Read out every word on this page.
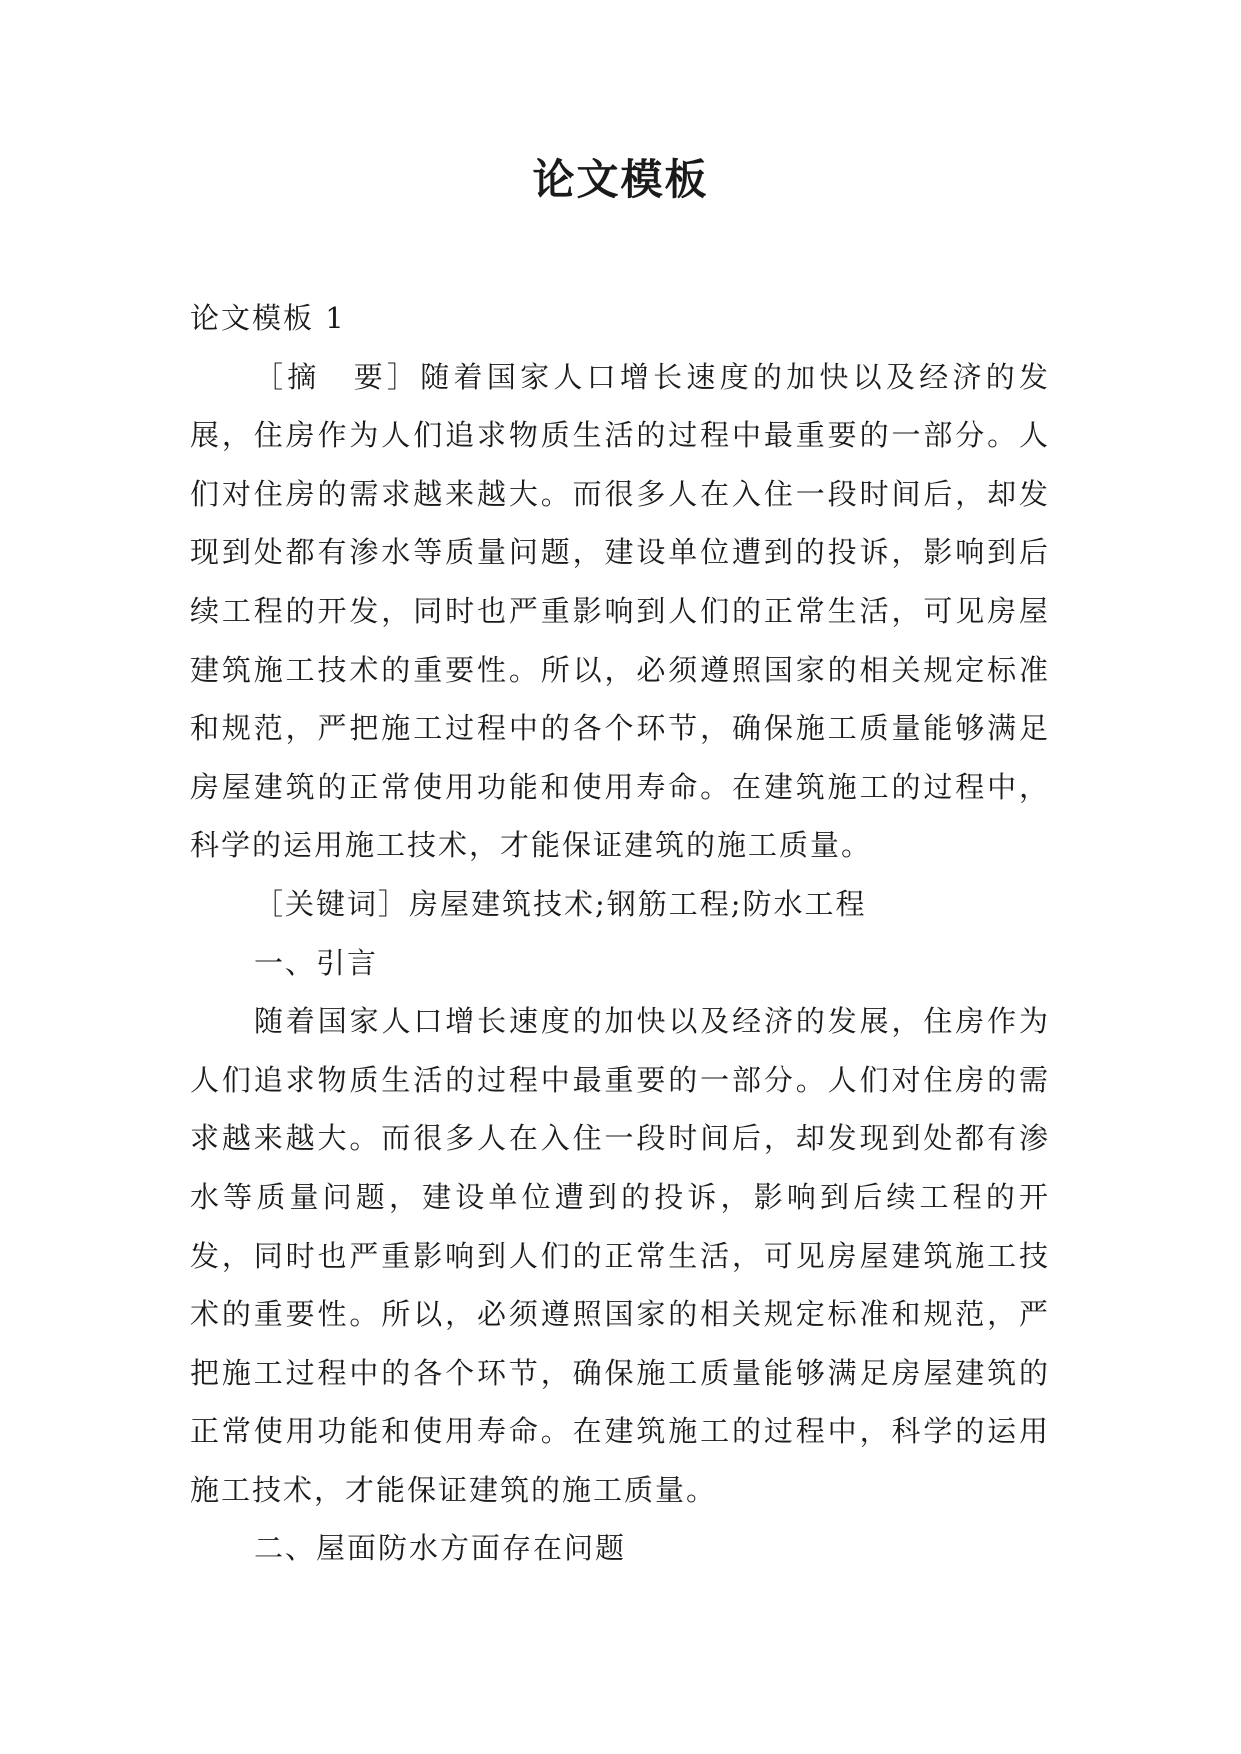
论文模板

论文模板 1

［摘　要］随着国家人口增长速度的加快以及经济的发展，住房作为人们追求物质生活的过程中最重要的一部分。人们对住房的需求越来越大。而很多人在入住一段时间后，却发现到处都有渗水等质量问题，建设单位遭到的投诉，影响到后续工程的开发，同时也严重影响到人们的正常生活，可见房屋建筑施工技术的重要性。所以，必须遵照国家的相关规定标准和规范，严把施工过程中的各个环节，确保施工质量能够满足房屋建筑的正常使用功能和使用寿命。在建筑施工的过程中，科学的运用施工技术，才能保证建筑的施工质量。

［关键词］房屋建筑技术;钢筋工程;防水工程

一、引言

随着国家人口增长速度的加快以及经济的发展，住房作为人们追求物质生活的过程中最重要的一部分。人们对住房的需求越来越大。而很多人在入住一段时间后，却发现到处都有渗水等质量问题，建设单位遭到的投诉，影响到后续工程的开发，同时也严重影响到人们的正常生活，可见房屋建筑施工技术的重要性。所以，必须遵照国家的相关规定标准和规范，严把施工过程中的各个环节，确保施工质量能够满足房屋建筑的正常使用功能和使用寿命。在建筑施工的过程中，科学的运用施工技术，才能保证建筑的施工质量。

二、屋面防水方面存在问题
